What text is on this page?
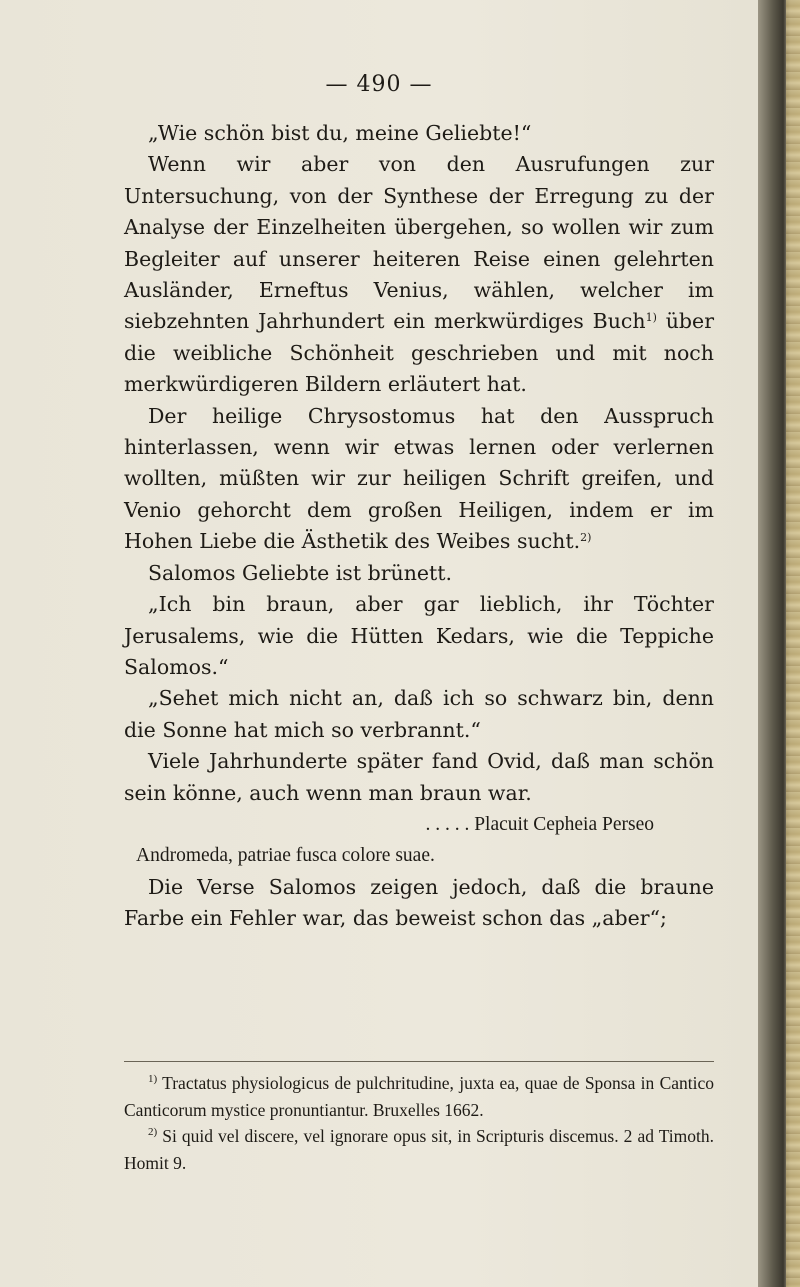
— 490 —

„Wie schön bist du, meine Geliebte!“

Wenn wir aber von den Ausrufungen zur Untersuchung, von der Synthese der Erregung zu der Analyse der Einzelheiten übergehen, so wollen wir zum Begleiter auf unserer heiteren Reise einen gelehrten Ausländer, Erneftus Venius, wählen, welcher im siebzehnten Jahrhundert ein merkwürdiges Buch$^{1)}$ über die weibliche Schönheit geschrieben und mit noch merkwürdigeren Bildern erläutert hat.

Der heilige Chrysostomus hat den Ausspruch hinterlassen, wenn wir etwas lernen oder verlernen wollten, müßten wir zur heiligen Schrift greifen, und Venio gehorcht dem großen Heiligen, indem er im Hohen Liebe die Ästhetik des Weibes sucht.$^{2)}$

Salomos Geliebte ist brünett.

„Ich bin braun, aber gar lieblich, ihr Töchter Jerusalems, wie die Hütten Kedars, wie die Teppiche Salomos.“

„Sehet mich nicht an, daß ich so schwarz bin, denn die Sonne hat mich so verbrannt.“

Viele Jahrhunderte später fand Ovid, daß man schön sein könne, auch wenn man braun war.

. . . . . Placuit Cepheia Perseo

Andromeda, patriae fusca colore suae.

Die Verse Salomos zeigen jedoch, daß die braune Farbe ein Fehler war, das beweist schon das „aber“;

$^{1)}$ Tractatus physiologicus de pulchritudine, juxta ea, quae de Sponsa in Cantico Canticorum mystice pronuntiantur. Bruxelles 1662.

$^{2)}$ Si quid vel discere, vel ignorare opus sit, in Scripturis discemus. 2 ad Timoth. Homit 9.
